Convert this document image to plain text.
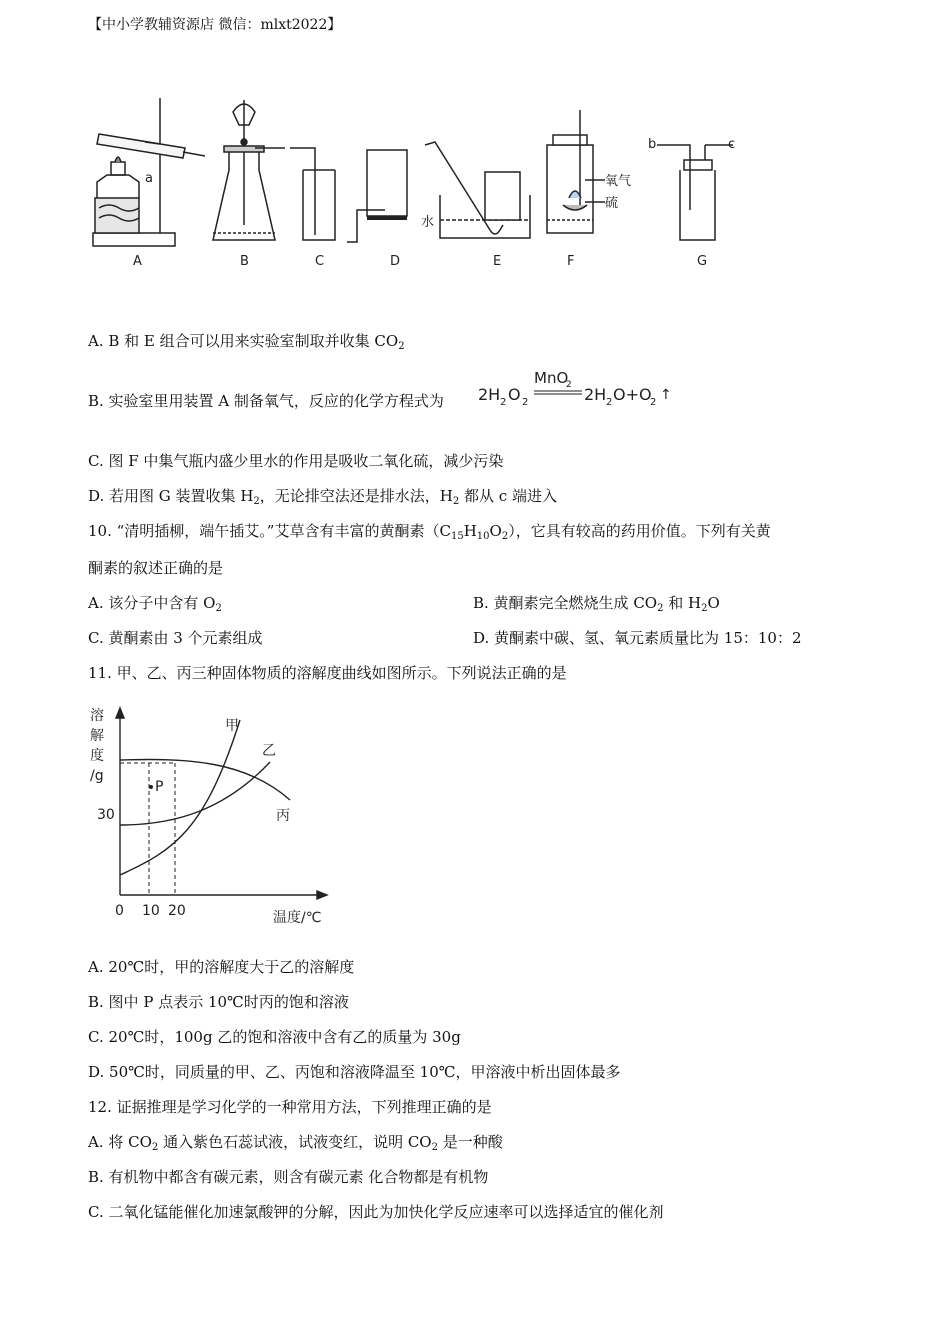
【中小学教辅资源店 微信：mlxt2022】
A	B	C	D	E	F	G
a
b	c
水
氧气
硫
A. B 和 E 组合可以用来实验室制取并收集 $CO_2$
B. 实验室里用装置 A 制备氧气，反应的化学方程式为
MnO
2
2H 2 O 2	2H 2 O+O
2 ↑
C. 图 F 中集气瓶内盛少里水的作用是吸收二氧化硫，减少污染
D. 若用图 G 装置收集 $H_2$，无论排空法还是排水法，$H_2$ 都从 c 端进入
10. “清明插柳，端午插艾。”艾草含有丰富的黄酮素$(C_{15}H_{10}O_2)$，它具有较高的药用价值。下列有关黄
酮素的叙述正确的是
A. 该分子中含有 $O_2$	B. 黄酮素完全燃烧生成 $CO_2$ 和 $H_2O$
C. 黄酮素由 3 个元素组成	D. 黄酮素中碳、氢、氧元素质量比为 15：10：2
11. 甲、乙、丙三种固体物质的溶解度曲线如图所示。下列说法正确的是
溶
解
度
/g
30
0 10 20	温度/℃
P
甲
乙
丙
A. 20℃时，甲的溶解度大于乙的溶解度
B. 图中 P 点表示 10℃时丙的饱和溶液
C. 20℃时，100g 乙的饱和溶液中含有乙的质量为 30g
D. 50℃时，同质量的甲、乙、丙饱和溶液降温至 10℃，甲溶液中析出固体最多
12. 证据推理是学习化学的一种常用方法，下列推理正确的是
A. 将 $CO_2$ 通入紫色石蕊试液，试液变红，说明 $CO_2$ 是一种酸
B. 有机物中都含有碳元素，则含有碳元素 化合物都是有机物
C. 二氧化锰能催化加速氯酸钾的分解，因此为加快化学反应速率可以选择适宜的催化剂
